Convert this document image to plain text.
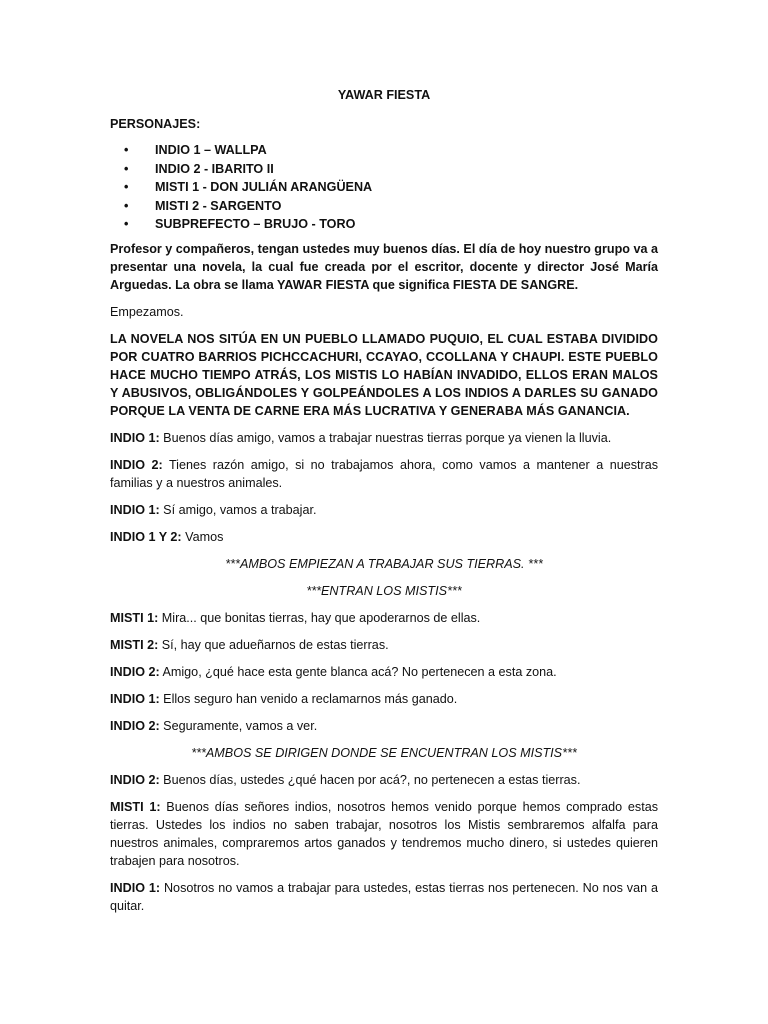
YAWAR FIESTA
PERSONAJES:
• INDIO 1 – WALLPA
• INDIO 2 - IBARITO II
• MISTI 1 - DON JULIÁN ARANGÜENA
• MISTI 2 - SARGENTO
• SUBPREFECTO – BRUJO - TORO

Profesor y compañeros, tengan ustedes muy buenos días. El día de hoy nuestro grupo va a presentar una novela, la cual fue creada por el escritor, docente y director José María Arguedas. La obra se llama YAWAR FIESTA que significa FIESTA DE SANGRE.

Empezamos.

LA NOVELA NOS SITÚA EN UN PUEBLO LLAMADO PUQUIO, EL CUAL ESTABA DIVIDIDO POR CUATRO BARRIOS PICHCCACHURI, CCAYAO, CCOLLANA Y CHAUPI. ESTE PUEBLO HACE MUCHO TIEMPO ATRÁS, LOS MISTIS LO HABÍAN INVADIDO, ELLOS ERAN MALOS Y ABUSIVOS, OBLIGÁNDOLES Y GOLPEÁNDOLES A LOS INDIOS A DARLES SU GANADO PORQUE LA VENTA DE CARNE ERA MÁS LUCRATIVA Y GENERABA MÁS GANANCIA.

INDIO 1: Buenos días amigo, vamos a trabajar nuestras tierras porque ya vienen la lluvia.

INDIO 2: Tienes razón amigo, si no trabajamos ahora, como vamos a mantener a nuestras familias y a nuestros animales.

INDIO 1: Sí amigo, vamos a trabajar.

INDIO 1 Y 2: Vamos

***AMBOS EMPIEZAN A TRABAJAR SUS TIERRAS. ***

***ENTRAN LOS MISTIS***

MISTI 1: Mira... que bonitas tierras, hay que apoderarnos de ellas.

MISTI 2: Sí, hay que adueñarnos de estas tierras.

INDIO 2: Amigo, ¿qué hace esta gente blanca acá? No pertenecen a esta zona.

INDIO 1: Ellos seguro han venido a reclamarnos más ganado.

INDIO 2: Seguramente, vamos a ver.

***AMBOS SE DIRIGEN DONDE SE ENCUENTRAN LOS MISTIS***

INDIO 2: Buenos días, ustedes ¿qué hacen por acá?, no pertenecen a estas tierras.

MISTI 1: Buenos días señores indios, nosotros hemos venido porque hemos comprado estas tierras. Ustedes los indios no saben trabajar, nosotros los Mistis sembraremos alfalfa para nuestros animales, compraremos artos ganados y tendremos mucho dinero, si ustedes quieren trabajen para nosotros.

INDIO 1: Nosotros no vamos a trabajar para ustedes, estas tierras nos pertenecen. No nos van a quitar.
